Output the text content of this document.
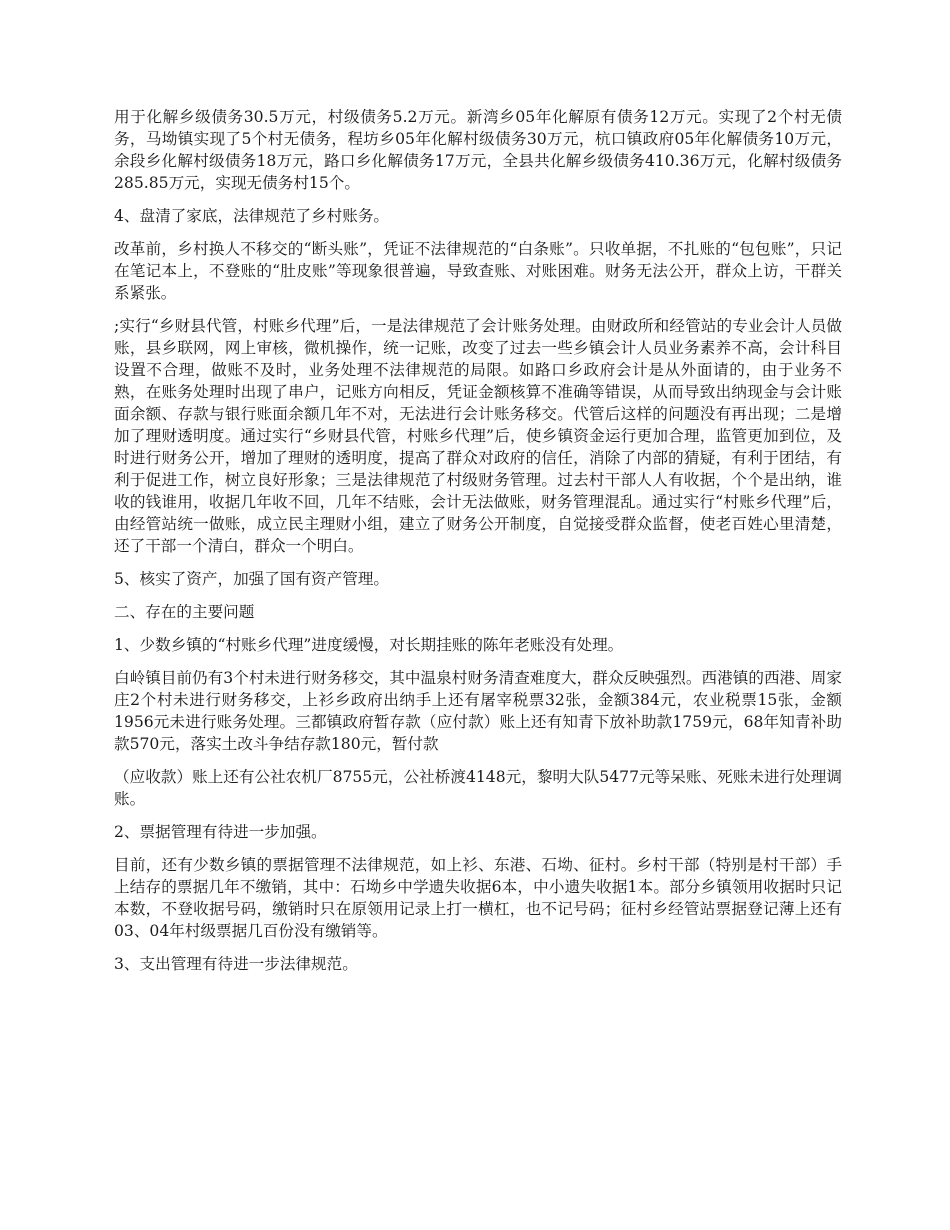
用于化解乡级债务30.5万元，村级债务5.2万元。新湾乡05年化解原有债务12万元。实现了2个村无债务，马坳镇实现了5个村无债务，程坊乡05年化解村级债务30万元，杭口镇政府05年化解债务10万元，余段乡化解村级债务18万元，路口乡化解债务17万元，全县共化解乡级债务410.36万元，化解村级债务285.85万元，实现无债务村15个。

4、盘清了家底，法律规范了乡村账务。

改革前，乡村换人不移交的“断头账”，凭证不法律规范的“白条账”。只收单据，不扎账的“包包账”，只记在笔记本上，不登账的“肚皮账”等现象很普遍，导致查账、对账困难。财务无法公开，群众上访，干群关系紧张。

;实行“乡财县代管，村账乡代理”后，一是法律规范了会计账务处理。由财政所和经管站的专业会计人员做账，县乡联网，网上审核，微机操作，统一记账，改变了过去一些乡镇会计人员业务素养不高，会计科目设置不合理，做账不及时，业务处理不法律规范的局限。如路口乡政府会计是从外面请的，由于业务不熟，在账务处理时出现了串户，记账方向相反，凭证金额核算不准确等错误，从而导致出纳现金与会计账面余额、存款与银行账面余额几年不对，无法进行会计账务移交。代管后这样的问题没有再出现；二是增加了理财透明度。通过实行“乡财县代管，村账乡代理”后，使乡镇资金运行更加合理，监管更加到位，及时进行财务公开，增加了理财的透明度，提高了群众对政府的信任，消除了内部的猜疑，有利于团结，有利于促进工作，树立良好形象；三是法律规范了村级财务管理。过去村干部人人有收据，个个是出纳，谁收的钱谁用，收据几年收不回，几年不结账，会计无法做账，财务管理混乱。通过实行“村账乡代理”后，由经管站统一做账，成立民主理财小组，建立了财务公开制度，自觉接受群众监督，使老百姓心里清楚，还了干部一个清白，群众一个明白。

5、核实了资产，加强了国有资产管理。

二、存在的主要问题

1、少数乡镇的“村账乡代理”进度缓慢，对长期挂账的陈年老账没有处理。

白岭镇目前仍有3个村未进行财务移交，其中温泉村财务清查难度大，群众反映强烈。西港镇的西港、周家庄2个村未进行财务移交，上衫乡政府出纳手上还有屠宰税票32张，金额384元，农业税票15张，金额1956元未进行账务处理。三都镇政府暂存款（应付款）账上还有知青下放补助款1759元，68年知青补助款570元，落实土改斗争结存款180元，暂付款

（应收款）账上还有公社农机厂8755元，公社桥渡4148元，黎明大队5477元等呆账、死账未进行处理调账。

2、票据管理有待进一步加强。

目前，还有少数乡镇的票据管理不法律规范，如上衫、东港、石坳、征村。乡村干部（特别是村干部）手上结存的票据几年不缴销，其中：石坳乡中学遗失收据6本，中小遗失收据1本。部分乡镇领用收据时只记本数，不登收据号码，缴销时只在原领用记录上打一横杠，也不记号码；征村乡经管站票据登记薄上还有03、04年村级票据几百份没有缴销等。

3、支出管理有待进一步法律规范。
